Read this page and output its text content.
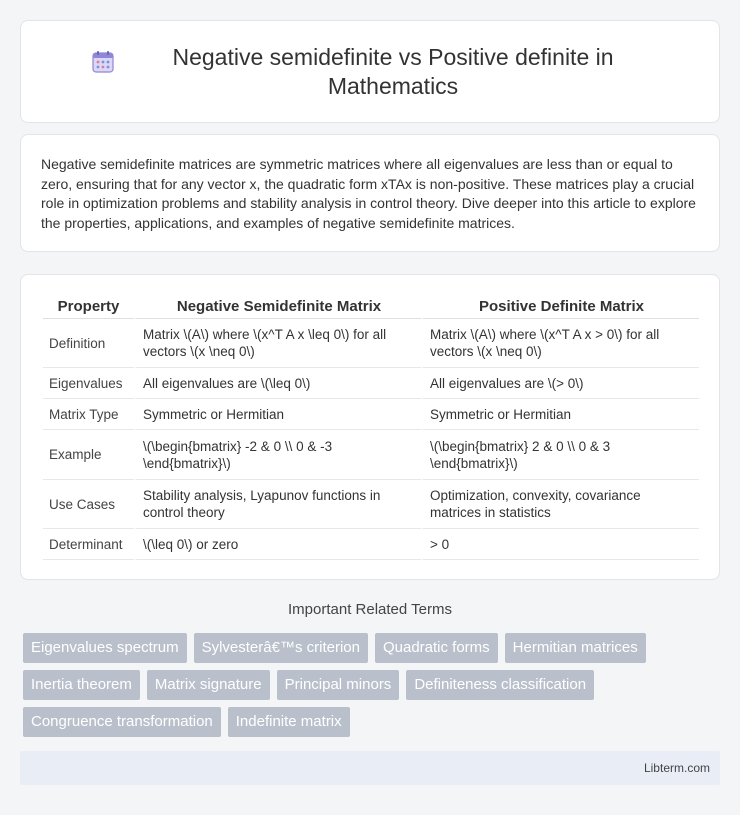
Negative semidefinite vs Positive definite in Mathematics

Negative semidefinite matrices are symmetric matrices where all eigenvalues are less than or equal to zero, ensuring that for any vector x, the quadratic form xTAx is non-positive. These matrices play a crucial role in optimization problems and stability analysis in control theory. Dive deeper into this article to explore the properties, applications, and examples of negative semidefinite matrices.

Property	Negative Semidefinite Matrix	Positive Definite Matrix
Definition	Matrix \(A\) where \(x^T A x \leq 0\) for all vectors \(x \neq 0\)	Matrix \(A\) where \(x^T A x > 0\) for all vectors \(x \neq 0\)
Eigenvalues	All eigenvalues are \(\leq 0\)	All eigenvalues are \(> 0\)
Matrix Type	Symmetric or Hermitian	Symmetric or Hermitian
Example	\(\begin{bmatrix} -2 & 0 \\ 0 & -3 \end{bmatrix}\)	\(\begin{bmatrix} 2 & 0 \\ 0 & 3 \end{bmatrix}\)
Use Cases	Stability analysis, Lyapunov functions in control theory	Optimization, convexity, covariance matrices in statistics
Determinant	\(\leq 0\) or zero	> 0
Important Related Terms
Eigenvalues spectrum	Sylvesterâ€™s criterion	Quadratic forms	Hermitian matrices
Inertia theorem	Matrix signature	Principal minors	Definiteness classification
Congruence transformation	Indefinite matrix
Libterm.com
